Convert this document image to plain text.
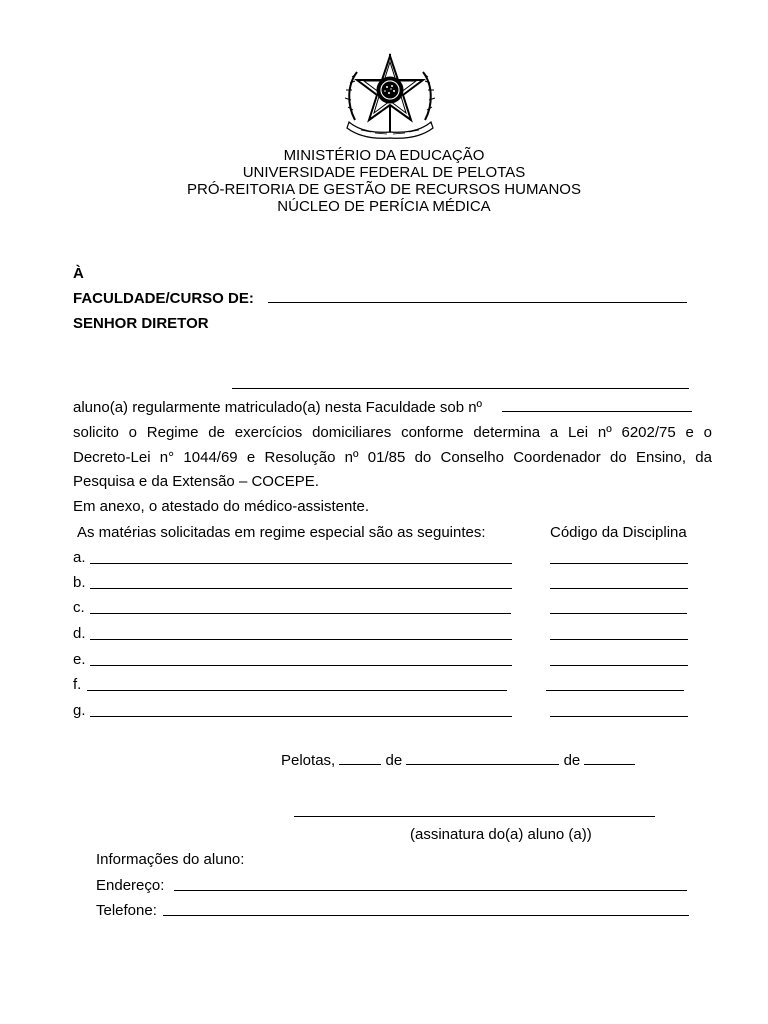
MINISTÉRIO DA EDUCAÇÃO
UNIVERSIDADE FEDERAL DE PELOTAS
PRÓ-REITORIA DE GESTÃO DE RECURSOS HUMANOS
NÚCLEO DE PERÍCIA MÉDICA
À
FACULDADE/CURSO DE:
SENHOR DIRETOR
aluno(a) regularmente matriculado(a) nesta Faculdade sob nº
solicito o Regime de exercícios domiciliares conforme determina a Lei nº 6202/75 e o
Decreto-Lei n° 1044/69 e Resolução nº 01/85 do Conselho Coordenador do Ensino, da
Pesquisa e da Extensão – COCEPE.
Em anexo, o atestado do médico-assistente.
As matérias solicitadas em regime especial são as seguintes:	Código da Disciplina
a.
b.
c.
d.
e.
f.
g.
Pelotas,	de	de
(assinatura do(a) aluno (a))
Informações do aluno:
Endereço:
Telefone:
